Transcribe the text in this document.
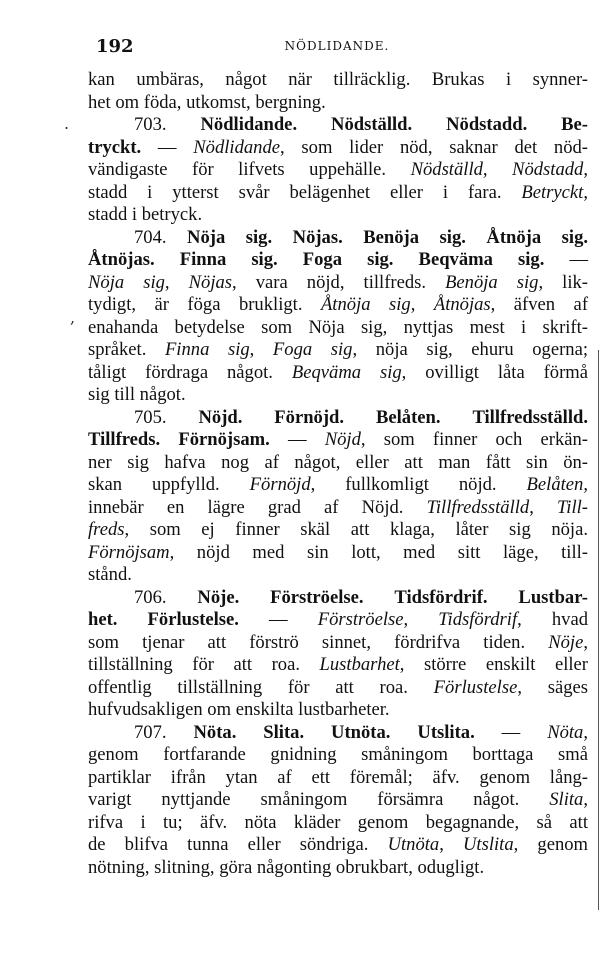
192	NÖDLIDANDE.
kan umbäras, något när tillräcklig. Brukas i synner-
het om föda, utkomst, bergning.
703. Nödlidande. Nödställd. Nödstadd. Be-
tryckt. — Nödlidande, som lider nöd, saknar det nöd-
vändigaste för lifvets uppehälle. Nödställd, Nödstadd,
stadd i ytterst svår belägenhet eller i fara. Betryckt,
stadd i betryck.
704. Nöja sig. Nöjas. Benöja sig. Åtnöja sig.
Åtnöjas. Finna sig. Foga sig. Beqväma sig. —
Nöja sig, Nöjas, vara nöjd, tillfreds. Benöja sig, lik-
tydigt, är föga brukligt. Åtnöja sig, Åtnöjas, äfven af
enahanda betydelse som Nöja sig, nyttjas mest i skrift-
språket. Finna sig, Foga sig, nöja sig, ehuru ogerna;
tåligt fördraga något. Beqväma sig, ovilligt låta förmå
sig till något.
705. Nöjd. Förnöjd. Belåten. Tillfredsställd.
Tillfreds. Förnöjsam. — Nöjd, som finner och erkän-
ner sig hafva nog af något, eller att man fått sin ön-
skan uppfylld. Förnöjd, fullkomligt nöjd. Belåten,
innebär en lägre grad af Nöjd. Tillfredsställd, Till-
freds, som ej finner skäl att klaga, låter sig nöja.
Förnöjsam, nöjd med sin lott, med sitt läge, till-
stånd.
706. Nöje. Förströelse. Tidsfördrif. Lustbar-
het. Förlustelse. — Förströelse, Tidsfördrif, hvad
som tjenar att förströ sinnet, fördrifva tiden. Nöje,
tillställning för att roa. Lustbarhet, större enskilt eller
offentlig tillställning för att roa. Förlustelse, säges
hufvudsakligen om enskilta lustbarheter.
707. Nöta. Slita. Utnöta. Utslita. — Nöta,
genom fortfarande gnidning småningom borttaga små
partiklar ifrån ytan af ett föremål; äfv. genom lång-
varigt nyttjande småningom försämra något. Slita,
rifva i tu; äfv. nöta kläder genom begagnande, så att
de blifva tunna eller söndriga. Utnöta, Utslita, genom
nötning, slitning, göra någonting obrukbart, odugligt.
.
,
